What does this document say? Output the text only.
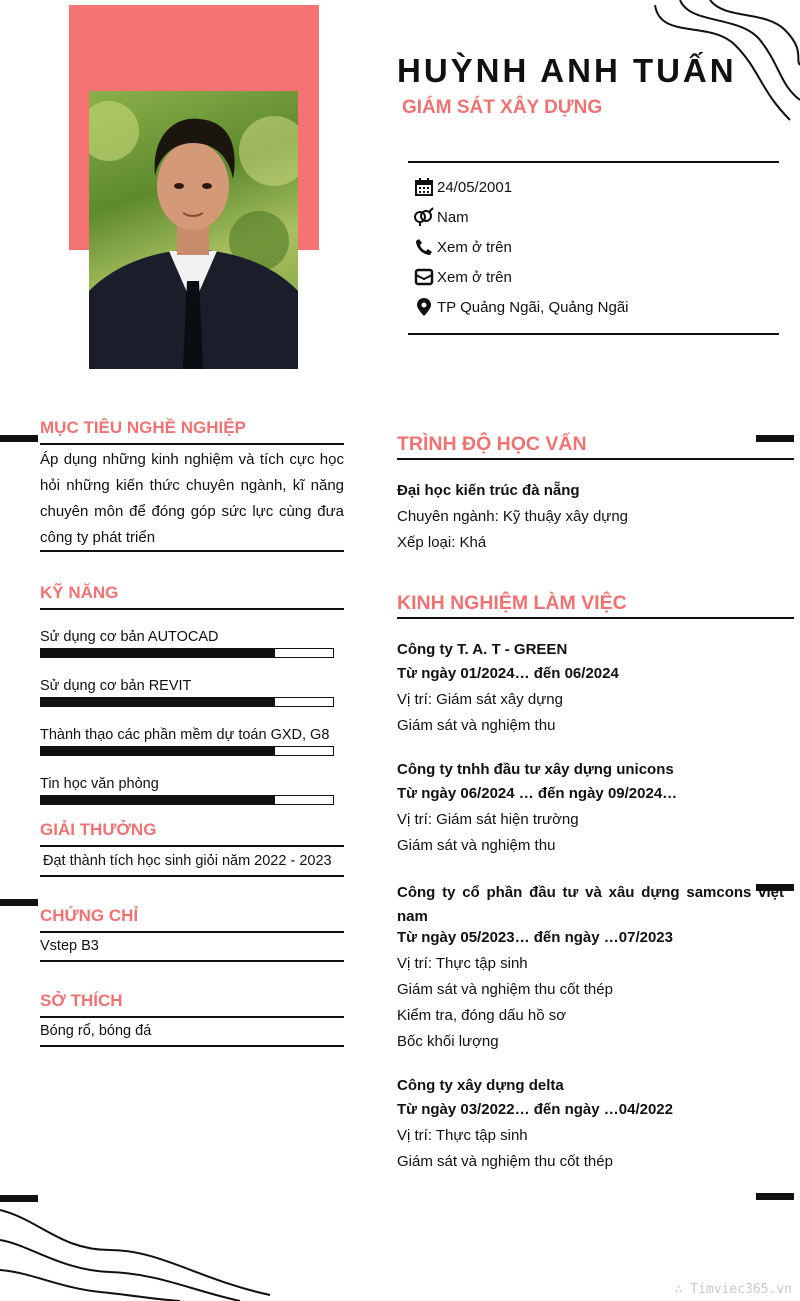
HUỲNH ANH TUẤN
GIÁM SÁT XÂY DỰNG
24/05/2001
Nam
Xem ở trên
Xem ở trên
TP Quảng Ngãi, Quảng Ngãi
MỤC TIÊU NGHỀ NGHIỆP
Áp dụng những kinh nghiệm và tích cực học hỏi những kiến thức chuyên ngành, kĩ năng chuyên môn để đóng góp sức lực cùng đưa công ty phát triển
KỸ NĂNG
Sử dụng cơ bản AUTOCAD
Sử dụng cơ bản REVIT
Thành thạo các phần mềm dự toán GXD, G8
Tin học văn phòng
GIẢI THƯỞNG
Đạt thành tích học sinh giỏi năm 2022 - 2023
CHỨNG CHỈ
Vstep B3
SỞ THÍCH
Bóng rổ, bóng đá
TRÌNH ĐỘ HỌC VẤN
Đại học kiến trúc đà nẵng
Chuyên ngành: Kỹ thuậy xây dựng
Xếp loại: Khá
KINH NGHIỆM LÀM VIỆC
Công ty T. A. T - GREEN
Từ ngày 01/2024… đến 06/2024
Vị trí: Giám sát xây dựng
Giám sát và nghiệm thu
Công ty tnhh đầu tư xây dựng unicons
Từ ngày 06/2024 … đến ngày 09/2024…
Vị trí: Giám sát hiện trường
Giám sát và nghiệm thu
Công ty cổ phần đầu tư và xâu dựng samcons việt nam
Từ ngày 05/2023… đến ngày …07/2023
Vị trí: Thực tập sinh
Giám sát và nghiệm thu cốt thép
Kiểm tra, đóng dấu hồ sơ
Bốc khối lượng
Công ty xây dựng delta
Từ ngày 03/2022… đến ngày …04/2022
Vị trí: Thực tập sinh
Giám sát và nghiệm thu cốt thép
∴ Timviec365.vn
